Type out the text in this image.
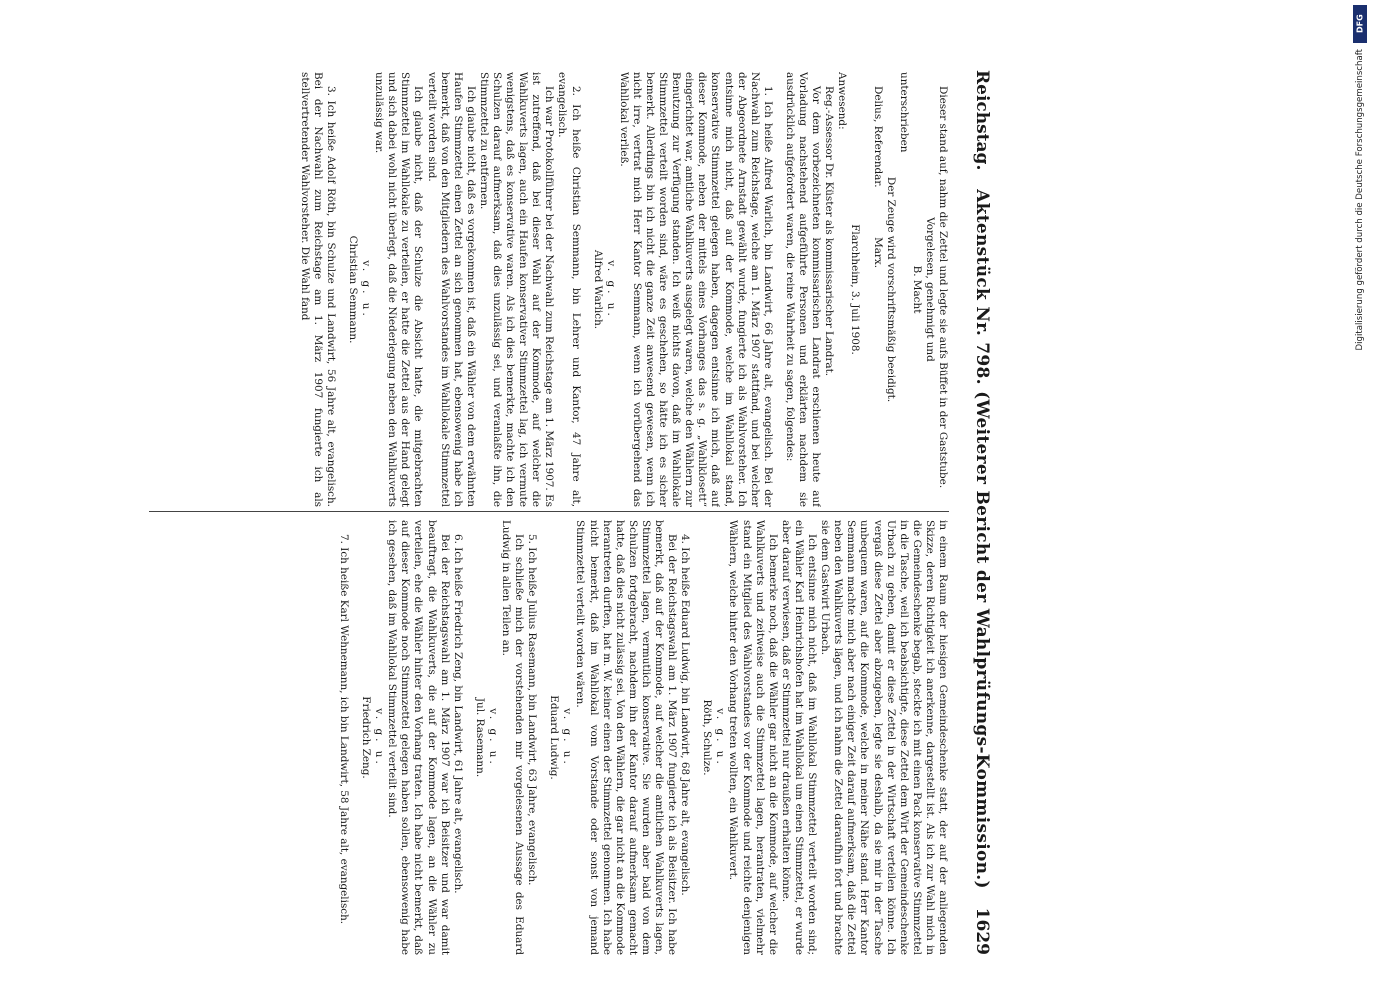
Reichstag.
Aktenstück Nr. 798. (Weiterer Bericht der Wahlprüfungs-Kommission.)
1629

Dieser stand auf, nahm die Zettel und legte sie aufs Büffet in der Gaststube.

Vorgelesen, genehmigt und

B. Macht

unterschrieben

Der Zeuge wird vorschriftsmäßig beeidigt.

Delius, Referendar.               Marx.

Flarchheim, 3. Juli 1908.

Anwesend:

Reg.-Assessor Dr. Küster als kommissarischer Landrat.

Vor dem vorbezeichneten kommissarischen Landrat erschienen heute auf Vorladung nachstehend aufgeführte Personen und erklärten nachdem sie ausdrücklich aufgefordert waren, die reine Wahrheit zu sagen, folgendes:

1. Ich heiße Alfred Warlich, bin Landwirt, 66 Jahre alt, evangelisch. Bei der Nachwahl zum Reichstage, welche am 1. März 1907 stattfand, und bei welcher der Abgeordnete Arnstadt gewählt wurde, fungierte ich als Wahlvorsteher. Ich entsinne mich nicht, daß auf der Kommode, welche im Wahllokal stand, konservative Stimmzettel gelegen haben, dagegen entsinne ich mich, daß auf dieser Kommode, neben der mittels eines Vorhanges das s. g. „Wahlklosett“ eingerichtet war, amtliche Wahlkuverts ausgelegt waren, welche den Wählern zur Benutzung zur Verfügung standen. Ich weiß nichts davon, daß im Wahllokale Stimmzettel verteilt worden sind, wäre es geschehen, so hätte ich es sicher bemerkt. Allerdings bin ich nicht die ganze Zeit anwesend gewesen, wenn ich nicht irre, vertrat mich Herr Kantor Semmann, wenn ich vorübergehend das Wahllokal verließ.

v. g. u.

Alfred Warlich.

2. Ich heiße Christian Semmann, bin Lehrer und Kantor, 47 Jahre alt, evangelisch.

Ich war Protokollführer bei der Nachwahl zum Reichstage am 1. März 1907. Es ist zutreffend, daß bei dieser Wahl auf der Kommode, auf welcher die Wahlkuverts lagen, auch ein Haufen konservativer Stimmzettel lag, ich vermute wenigstens, daß es konservative waren. Als ich dies bemerkte, machte ich den Schulzen darauf aufmerksam, daß dies unzulässig sei, und veranlaßte ihn, die Stimmzettel zu entfernen.

Ich glaube nicht, daß es vorgekommen ist, daß ein Wähler von dem erwähnten Haufen Stimmzettel einen Zettel an sich genommen hat, ebensowenig habe ich bemerkt, daß von den Mitgliedern des Wahlvorstandes im Wahllokale Stimmzettel verteilt worden sind.

Ich glaube nicht, daß der Schulze die Absicht hatte, die mitgebrachten Stimmzettel im Wahllokale zu verteilen, er hatte die Zettel aus der Hand gelegt und sich dabei wohl nicht überlegt, daß die Niederlegung neben den Wahlkuverts unzulässig war.

v. g. u.

Christian Semmann.

3. Ich heiße Adolf Röth, bin Schulze und Landwirt, 56 Jahre alt, evangelisch. Bei der Nachwahl zum Reichstage am 1. März 1907 fungierte ich als stellvertretender Wahlvorsteher. Die Wahl fand

in einem Raum der hiesigen Gemeindeschenke statt, der auf der anliegenden Skizze, deren Richtigkeit ich anerkenne, dargestellt ist. Als ich zur Wahl mich in die Gemeindeschenke begab, steckte ich mit einen Pack konservative Stimmzettel in die Tasche, weil ich beabsichtigte, diese Zettel dem Wirt der Gemeindeschenke Urbach zu geben, damit er diese Zettel in der Wirtschaft verteilen könne. Ich vergaß diese Zettel aber abzugeben, legte sie deshalb, da sie mir in der Tasche unbequem waren, auf die Kommode, welche in meiner Nähe stand. Herr Kantor Semmann machte mich aber nach einiger Zeit darauf aufmerksam, daß die Zettel neben den Wahlkuverts lägen, und ich nahm die Zettel daraufhin fort und brachte sie dem Gastwirt Urbach.

Ich entsinne mich nicht, daß im Wahllokal Stimmzettel verteilt worden sind; ein Wähler Karl Heinrichshofen hat im Wahllokal um einen Stimmzettel, er wurde aber darauf verwiesen, daß er Stimmzettel nur draußen erhalten könne.

Ich bemerke noch, daß die Wähler gar nicht an die Kommode, auf welcher die Wahlkuverts und zeitweise auch die Stimmzettel lagen, herantraten, vielmehr stand ein Mitglied des Wahlvorstandes vor der Kommode und reichte denjenigen Wählern, welche hinter den Vorhang treten wollten, ein Wahlkuvert.

v. g. u.

Röth, Schulze.

4. Ich heiße Eduard Ludwig, bin Landwirt, 68 Jahre alt, evangelisch.

Bei der Reichstagswahl am 1. März 1907 fungierte ich als Beisitzer. Ich habe bemerkt, daß auf der Kommode, auf welcher die amtlichen Wahlkuverts lagen, Stimmzettel lagen, vermutlich konservative. Sie wurden aber bald von dem Schulzen fortgebracht, nachdem ihn der Kantor darauf aufmerksam gemacht hatte, daß dies nicht zulässig sei. Von den Wählern, die gar nicht an die Kommode herantreten durften, hat m. W. keiner einen der Stimmzettel genommen. Ich habe nicht bemerkt, daß im Wahllokal vom Vorstande oder sonst von jemand Stimmzettel verteilt worden wären.

v. g. u.

Eduard Ludwig.

5. Ich heiße Julius Rasemann, bin Landwirt, 63 Jahre, evangelisch.

Ich schließe mich der vorstehenden mir vorgelesenen Aussage des Eduard Ludwig in allen Teilen an.

v. g. u.

Jul. Rasemann.

6. Ich heiße Friedrich Zeng, bin Landwirt, 61 Jahre alt, evangelisch.

Bei der Reichstagswahl am 1. März 1907 war ich Beisitzer und war damit beauftragt, die Wahlkuverts, die auf der Kommode lagen, an die Wähler zu verteilen, ehe die Wähler hinter den Vorhang traten. Ich habe nicht bemerkt, daß auf dieser Kommode noch Stimmzettel gelegen haben sollen, ebensowenig habe ich gesehen, daß im Wahllokal Stimmzettel verteilt sind.

v. g. u.

Friedrich Zeng.

7. Ich heiße Karl Wehnemann, ich bin Landwirt, 58 Jahre alt, evangelisch.

DFG
Digitalisierung gefördert durch die Deutsche Forschungsgemeinschaft
